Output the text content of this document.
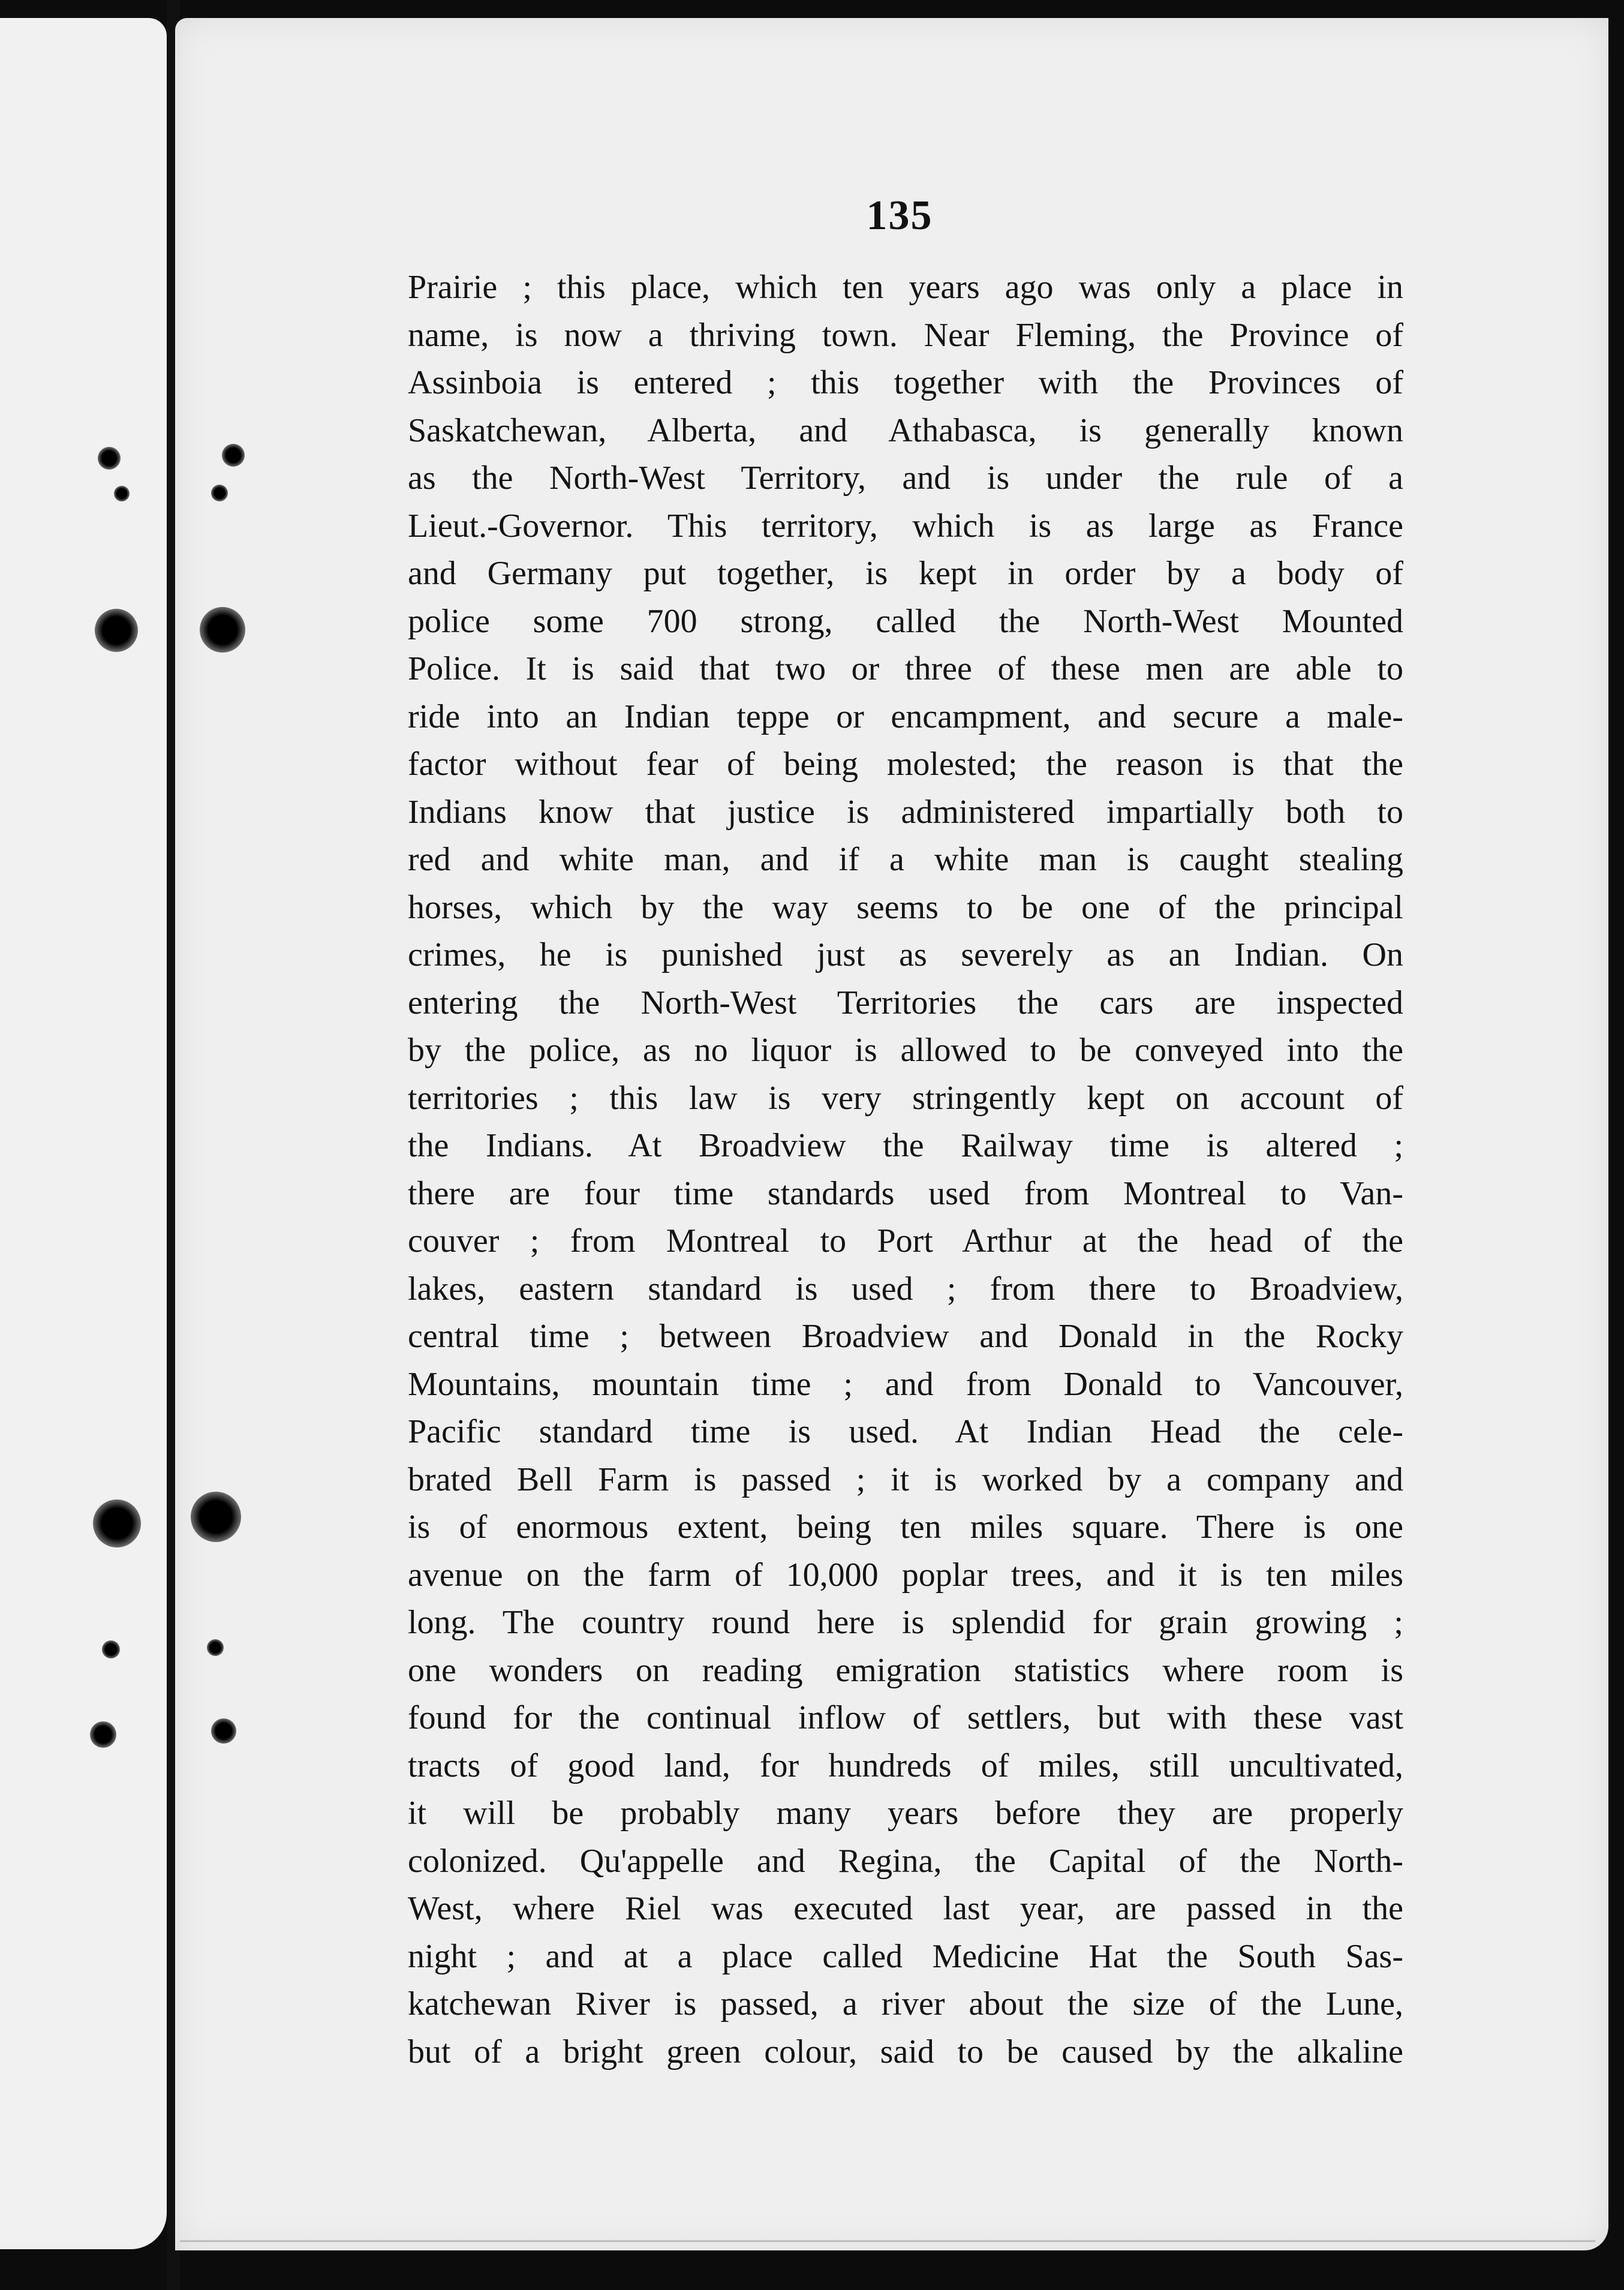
135
Prairie ; this place, which ten years ago was only a place in
name, is now a thriving town. Near Fleming, the Province of
Assinboia is entered ; this together with the Provinces of
Saskatchewan, Alberta, and Athabasca, is generally known
as the North-West Territory, and is under the rule of a
Lieut.-Governor. This territory, which is as large as France
and Germany put together, is kept in order by a body of
police some 700 strong, called the North-West Mounted
Police. It is said that two or three of these men are able to
ride into an Indian teppe or encampment, and secure a male-
factor without fear of being molested; the reason is that the
Indians know that justice is administered impartially both to
red and white man, and if a white man is caught stealing
horses, which by the way seems to be one of the principal
crimes, he is punished just as severely as an Indian. On
entering the North-West Territories the cars are inspected
by the police, as no liquor is allowed to be conveyed into the
territories ; this law is very stringently kept on account of
the Indians. At Broadview the Railway time is altered ;
there are four time standards used from Montreal to Van-
couver ; from Montreal to Port Arthur at the head of the
lakes, eastern standard is used ; from there to Broadview,
central time ; between Broadview and Donald in the Rocky
Mountains, mountain time ; and from Donald to Vancouver,
Pacific standard time is used. At Indian Head the cele-
brated Bell Farm is passed ; it is worked by a company and
is of enormous extent, being ten miles square. There is one
avenue on the farm of 10,000 poplar trees, and it is ten miles
long. The country round here is splendid for grain growing ;
one wonders on reading emigration statistics where room is
found for the continual inflow of settlers, but with these vast
tracts of good land, for hundreds of miles, still uncultivated,
it will be probably many years before they are properly
colonized. Qu'appelle and Regina, the Capital of the North-
West, where Riel was executed last year, are passed in the
night ; and at a place called Medicine Hat the South Sas-
katchewan River is passed, a river about the size of the Lune,
but of a bright green colour, said to be caused by the alkaline
